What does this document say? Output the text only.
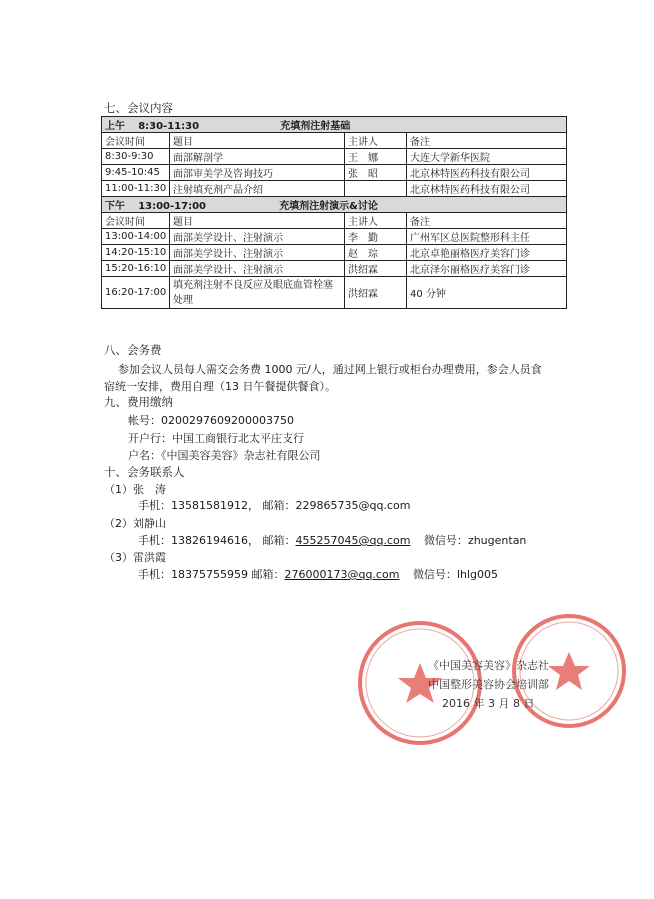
七、会议内容
上午 8:30-11:30 充填剂注射基础			
会议时间	题目	主讲人	备注
8:30-9:30	面部解剖学	王　娜	大连大学新华医院
9:45-10:45	面部审美学及咨询技巧	张　昭	北京林特医药科技有限公司
11:00-11:30	注射填充剂产品介绍		北京林特医药科技有限公司
下午 13:00-17:00 充填剂注射演示&讨论			
会议时间	题目	主讲人	备注
13:00-14:00	面部美学设计、注射演示	李　勤	广州军区总医院整形科主任
14:20-15:10	面部美学设计、注射演示	赵　琮	北京卓艳丽格医疗美容门诊
15:20-16:10	面部美学设计、注射演示	洪绍霖	北京泽尔丽格医疗美容门诊
16:20-17:00	填充剂注射不良反应及眼底血管栓塞处理	洪绍霖	40 分钟
八、会务费
参加会议人员每人需交会务费 1000 元/人，通过网上银行或柜台办理费用，参会人员食
宿统一安排，费用自理（13 日午餐提供餐食）。
九、费用缴纳
帐号：0200297609200003750
开户行：中国工商银行北太平庄支行
户名：《中国美容美容》杂志社有限公司
十、会务联系人
（1）张　涛
手机：13581581912， 邮箱：229865735@qq.com
（2）刘静山
手机：13826194616， 邮箱：455257045@qq.com 微信号：zhugentan
（3）雷洪霞
手机：18375755959 邮箱：276000173@qq.com 微信号：lhlg005
《中国美容美容》杂志社
中国整形美容协会培训部
2016 年 3 月 8 日
